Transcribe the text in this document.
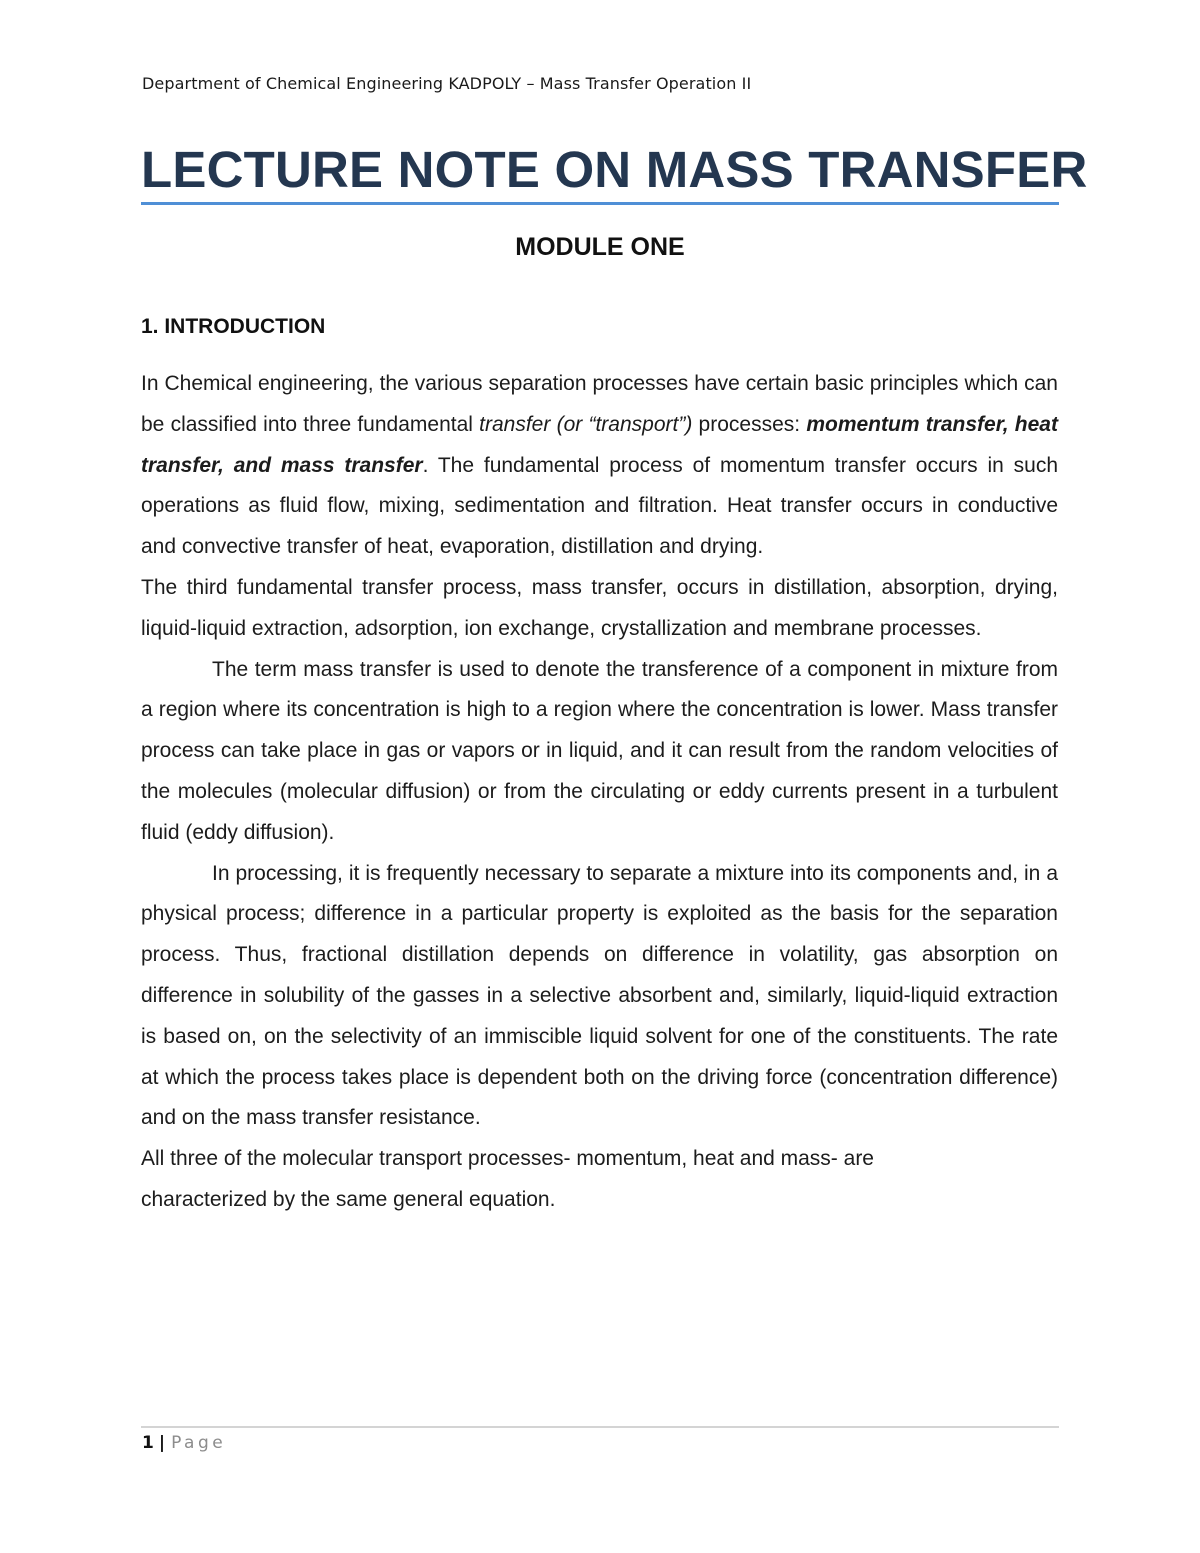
Department of Chemical Engineering KADPOLY – Mass Transfer Operation II
LECTURE NOTE ON MASS TRANSFER
MODULE ONE
1. INTRODUCTION

In Chemical engineering, the various separation processes have certain basic principles which can be classified into three fundamental transfer (or “transport”) processes: momentum transfer, heat transfer, and mass transfer. The fundamental process of momentum transfer occurs in such operations as fluid flow, mixing, sedimentation and filtration. Heat transfer occurs in conductive and convective transfer of heat, evaporation, distillation and drying.

The third fundamental transfer process, mass transfer, occurs in distillation, absorption, drying, liquid-liquid extraction, adsorption, ion exchange, crystallization and membrane processes.

The term mass transfer is used to denote the transference of a component in mixture from a region where its concentration is high to a region where the concentration is lower. Mass transfer process can take place in gas or vapors or in liquid, and it can result from the random velocities of the molecules (molecular diffusion) or from the circulating or eddy currents present in a turbulent fluid (eddy diffusion).

In processing, it is frequently necessary to separate a mixture into its components and, in a physical process; difference in a particular property is exploited as the basis for the separation process. Thus, fractional distillation depends on difference in volatility, gas absorption on difference in solubility of the gasses in a selective absorbent and, similarly, liquid-liquid extraction is based on, on the selectivity of an immiscible liquid solvent for one of the constituents. The rate at which the process takes place is dependent both on the driving force (concentration difference) and on the mass transfer resistance.

All three of the molecular transport processes- momentum, heat and mass- are
characterized by the same general equation.

1 | Page
